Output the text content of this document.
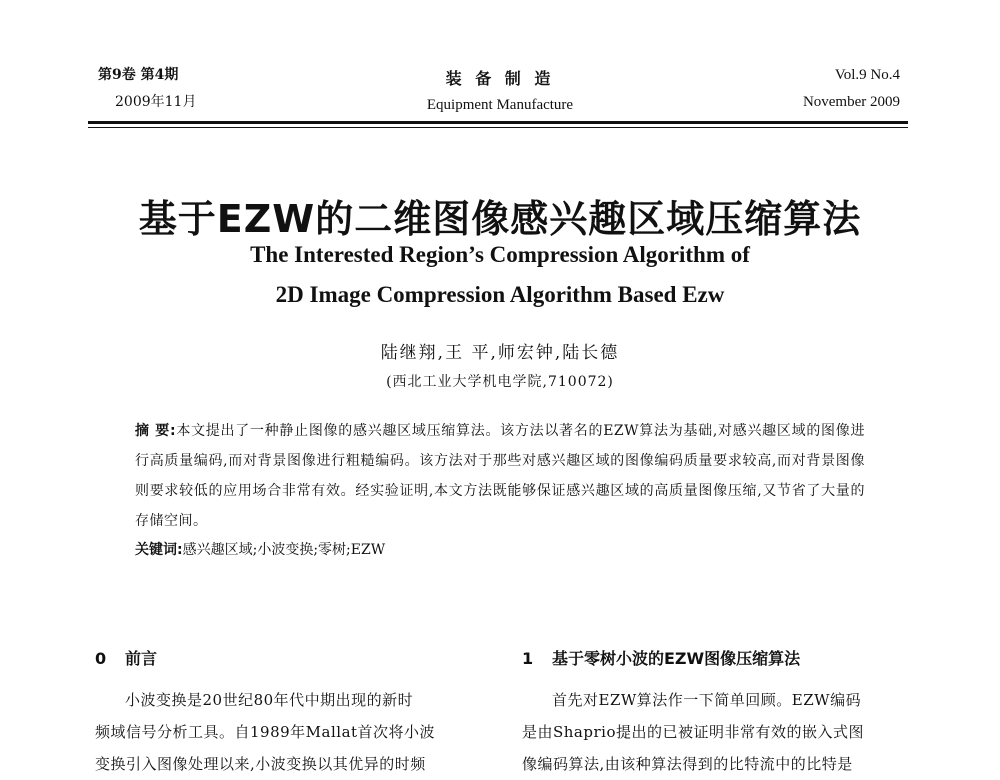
第9卷 第4期
2009年11月
装 备 制 造
Equipment Manufacture
Vol.9 No.4
November 2009
基于EZW的二维图像感兴趣区域压缩算法
The Interested Region’s Compression Algorithm of
2D Image Compression Algorithm Based Ezw
陆继翔,王 平,师宏钟,陆长德
(西北工业大学机电学院,710072)
摘 要:本文提出了一种静止图像的感兴趣区域压缩算法。该方法以著名的EZW算法为基础,对感兴趣区域的图像进行高质量编码,而对背景图像进行粗糙编码。该方法对于那些对感兴趣区域的图像编码质量要求较高,而对背景图像则要求较低的应用场合非常有效。经实验证明,本文方法既能够保证感兴趣区域的高质量图像压缩,又节省了大量的存储空间。
关键词:感兴趣区域;小波变换;零树;EZW
0 前言
小波变换是20世纪80年代中期出现的新时
频域信号分析工具。自1989年Mallat首次将小波
变换引入图像处理以来,小波变换以其优异的时频
1 基于零树小波的EZW图像压缩算法
首先对EZW算法作一下简单回顾。EZW编码
是由Shaprio提出的已被证明非常有效的嵌入式图
像编码算法,由该种算法得到的比特流中的比特是
